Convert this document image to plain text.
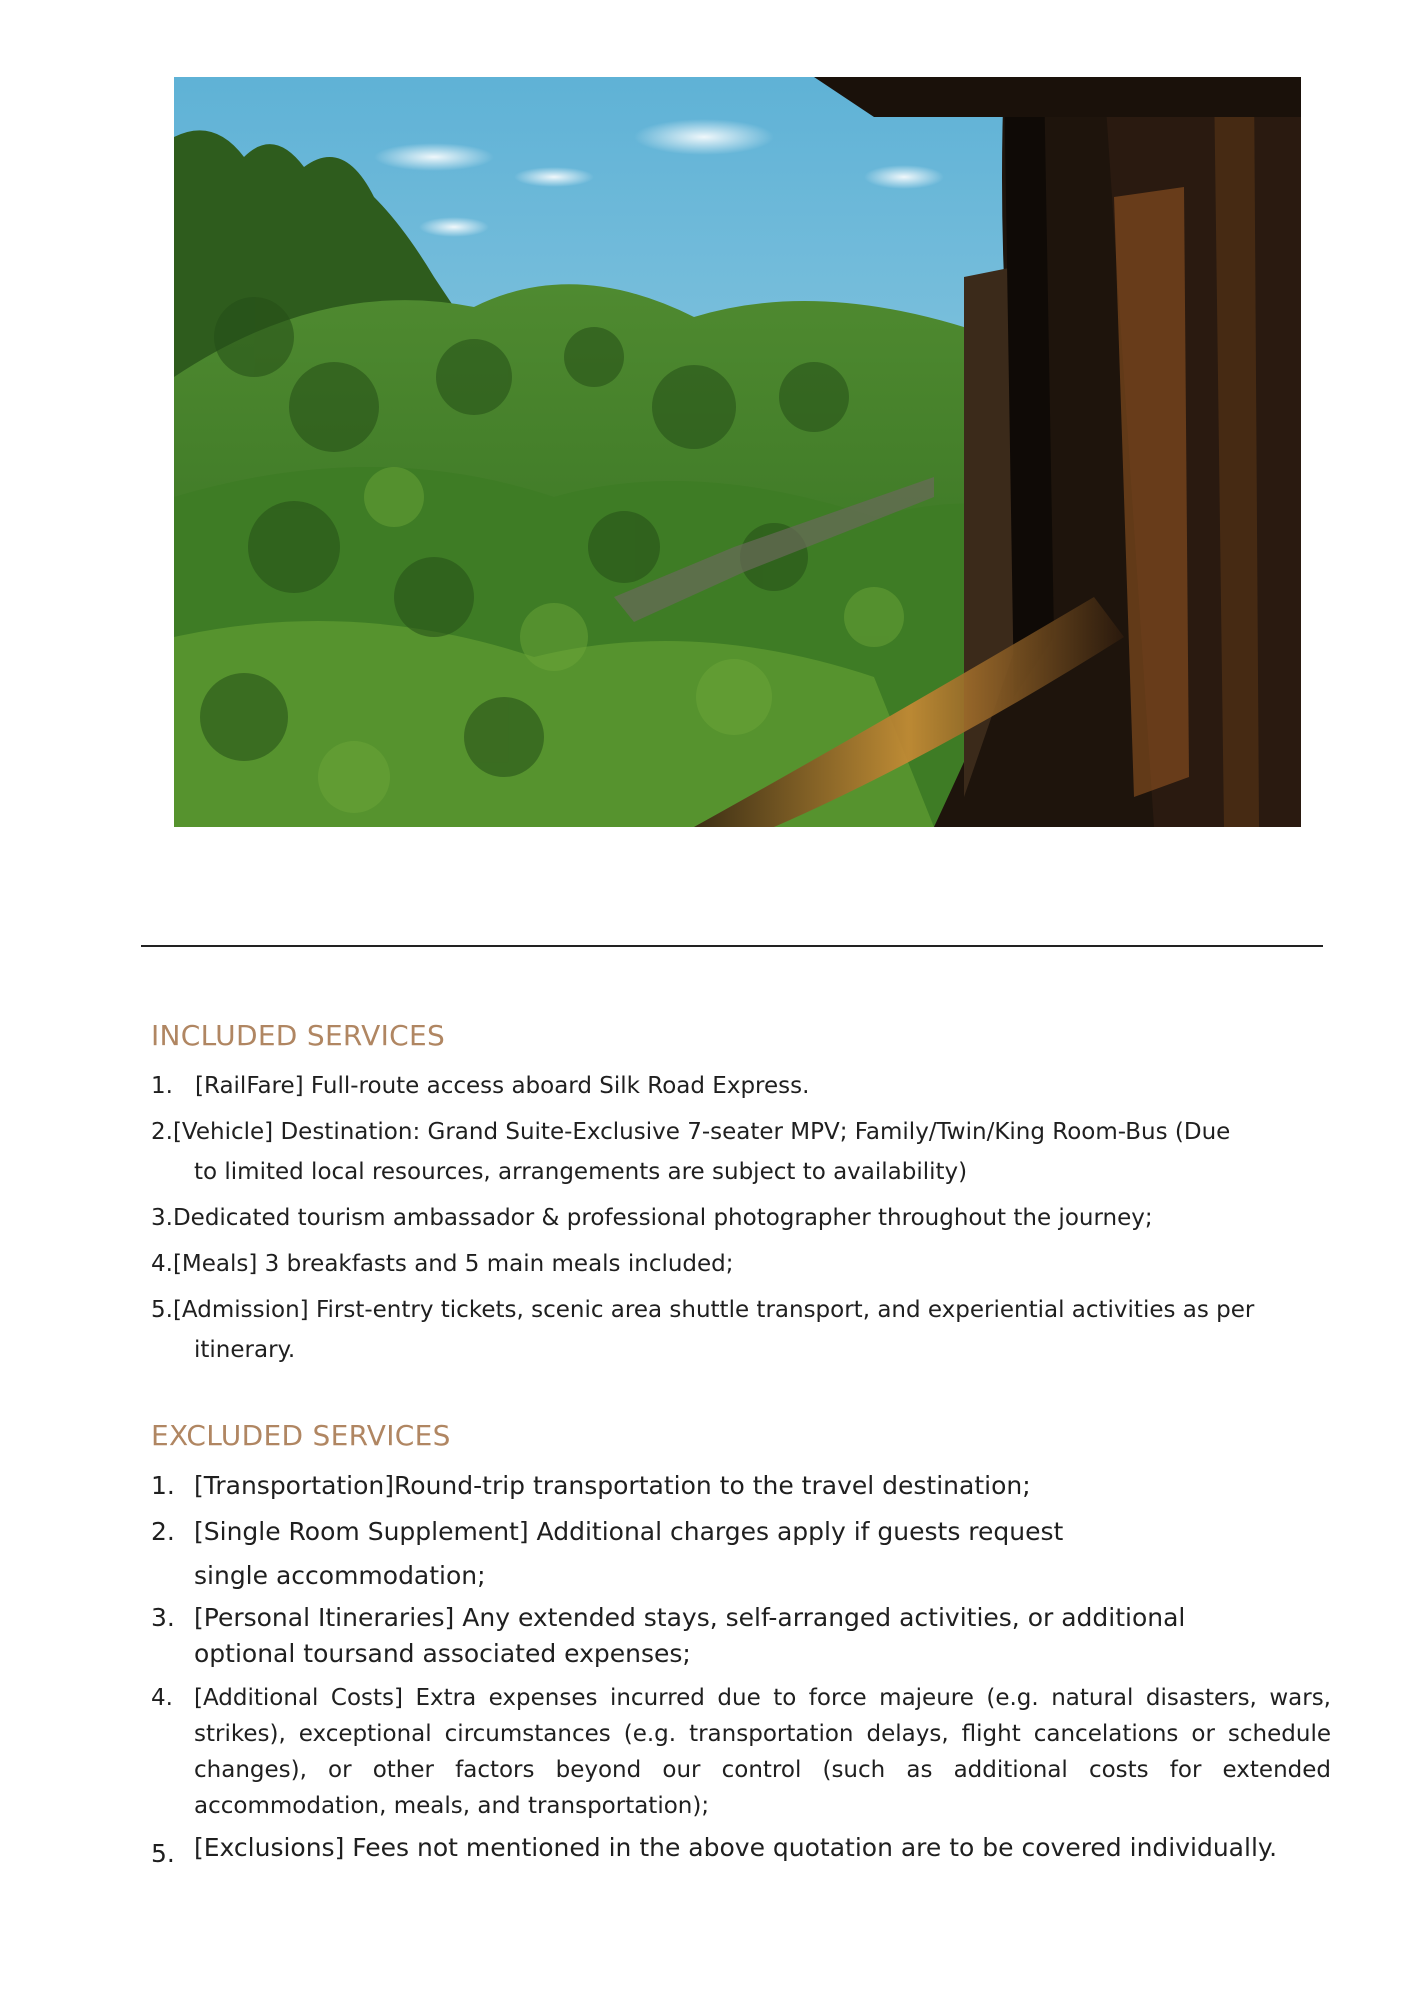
INCLUDED SERVICES
1. [RailFare] Full-route access aboard Silk Road Express.
2.[Vehicle] Destination: Grand Suite-Exclusive 7-seater MPV; Family/Twin/King Room-Bus (Due
to limited local resources, arrangements are subject to availability)
3.Dedicated tourism ambassador & professional photographer throughout the journey;
4.[Meals] 3 breakfasts and 5 main meals included;
5.[Admission] First-entry tickets, scenic area shuttle transport, and experiential activities as per
itinerary.
EXCLUDED SERVICES
1. [Transportation]Round-trip transportation to the travel destination;
2. [Single Room Supplement] Additional charges apply if guests request single accommodation;
3. [Personal Itineraries] Any extended stays, self-arranged activities, or additional optional toursand associated expenses;
4. [Additional Costs] Extra expenses incurred due to force majeure (e.g. natural disasters, wars, strikes), exceptional circumstances (e.g. transportation delays, flight cancelations or schedule changes), or other factors beyond our control (such as additional costs for extended accommodation, meals, and transportation);
5. [Exclusions] Fees not mentioned in the above quotation are to be covered individually.
